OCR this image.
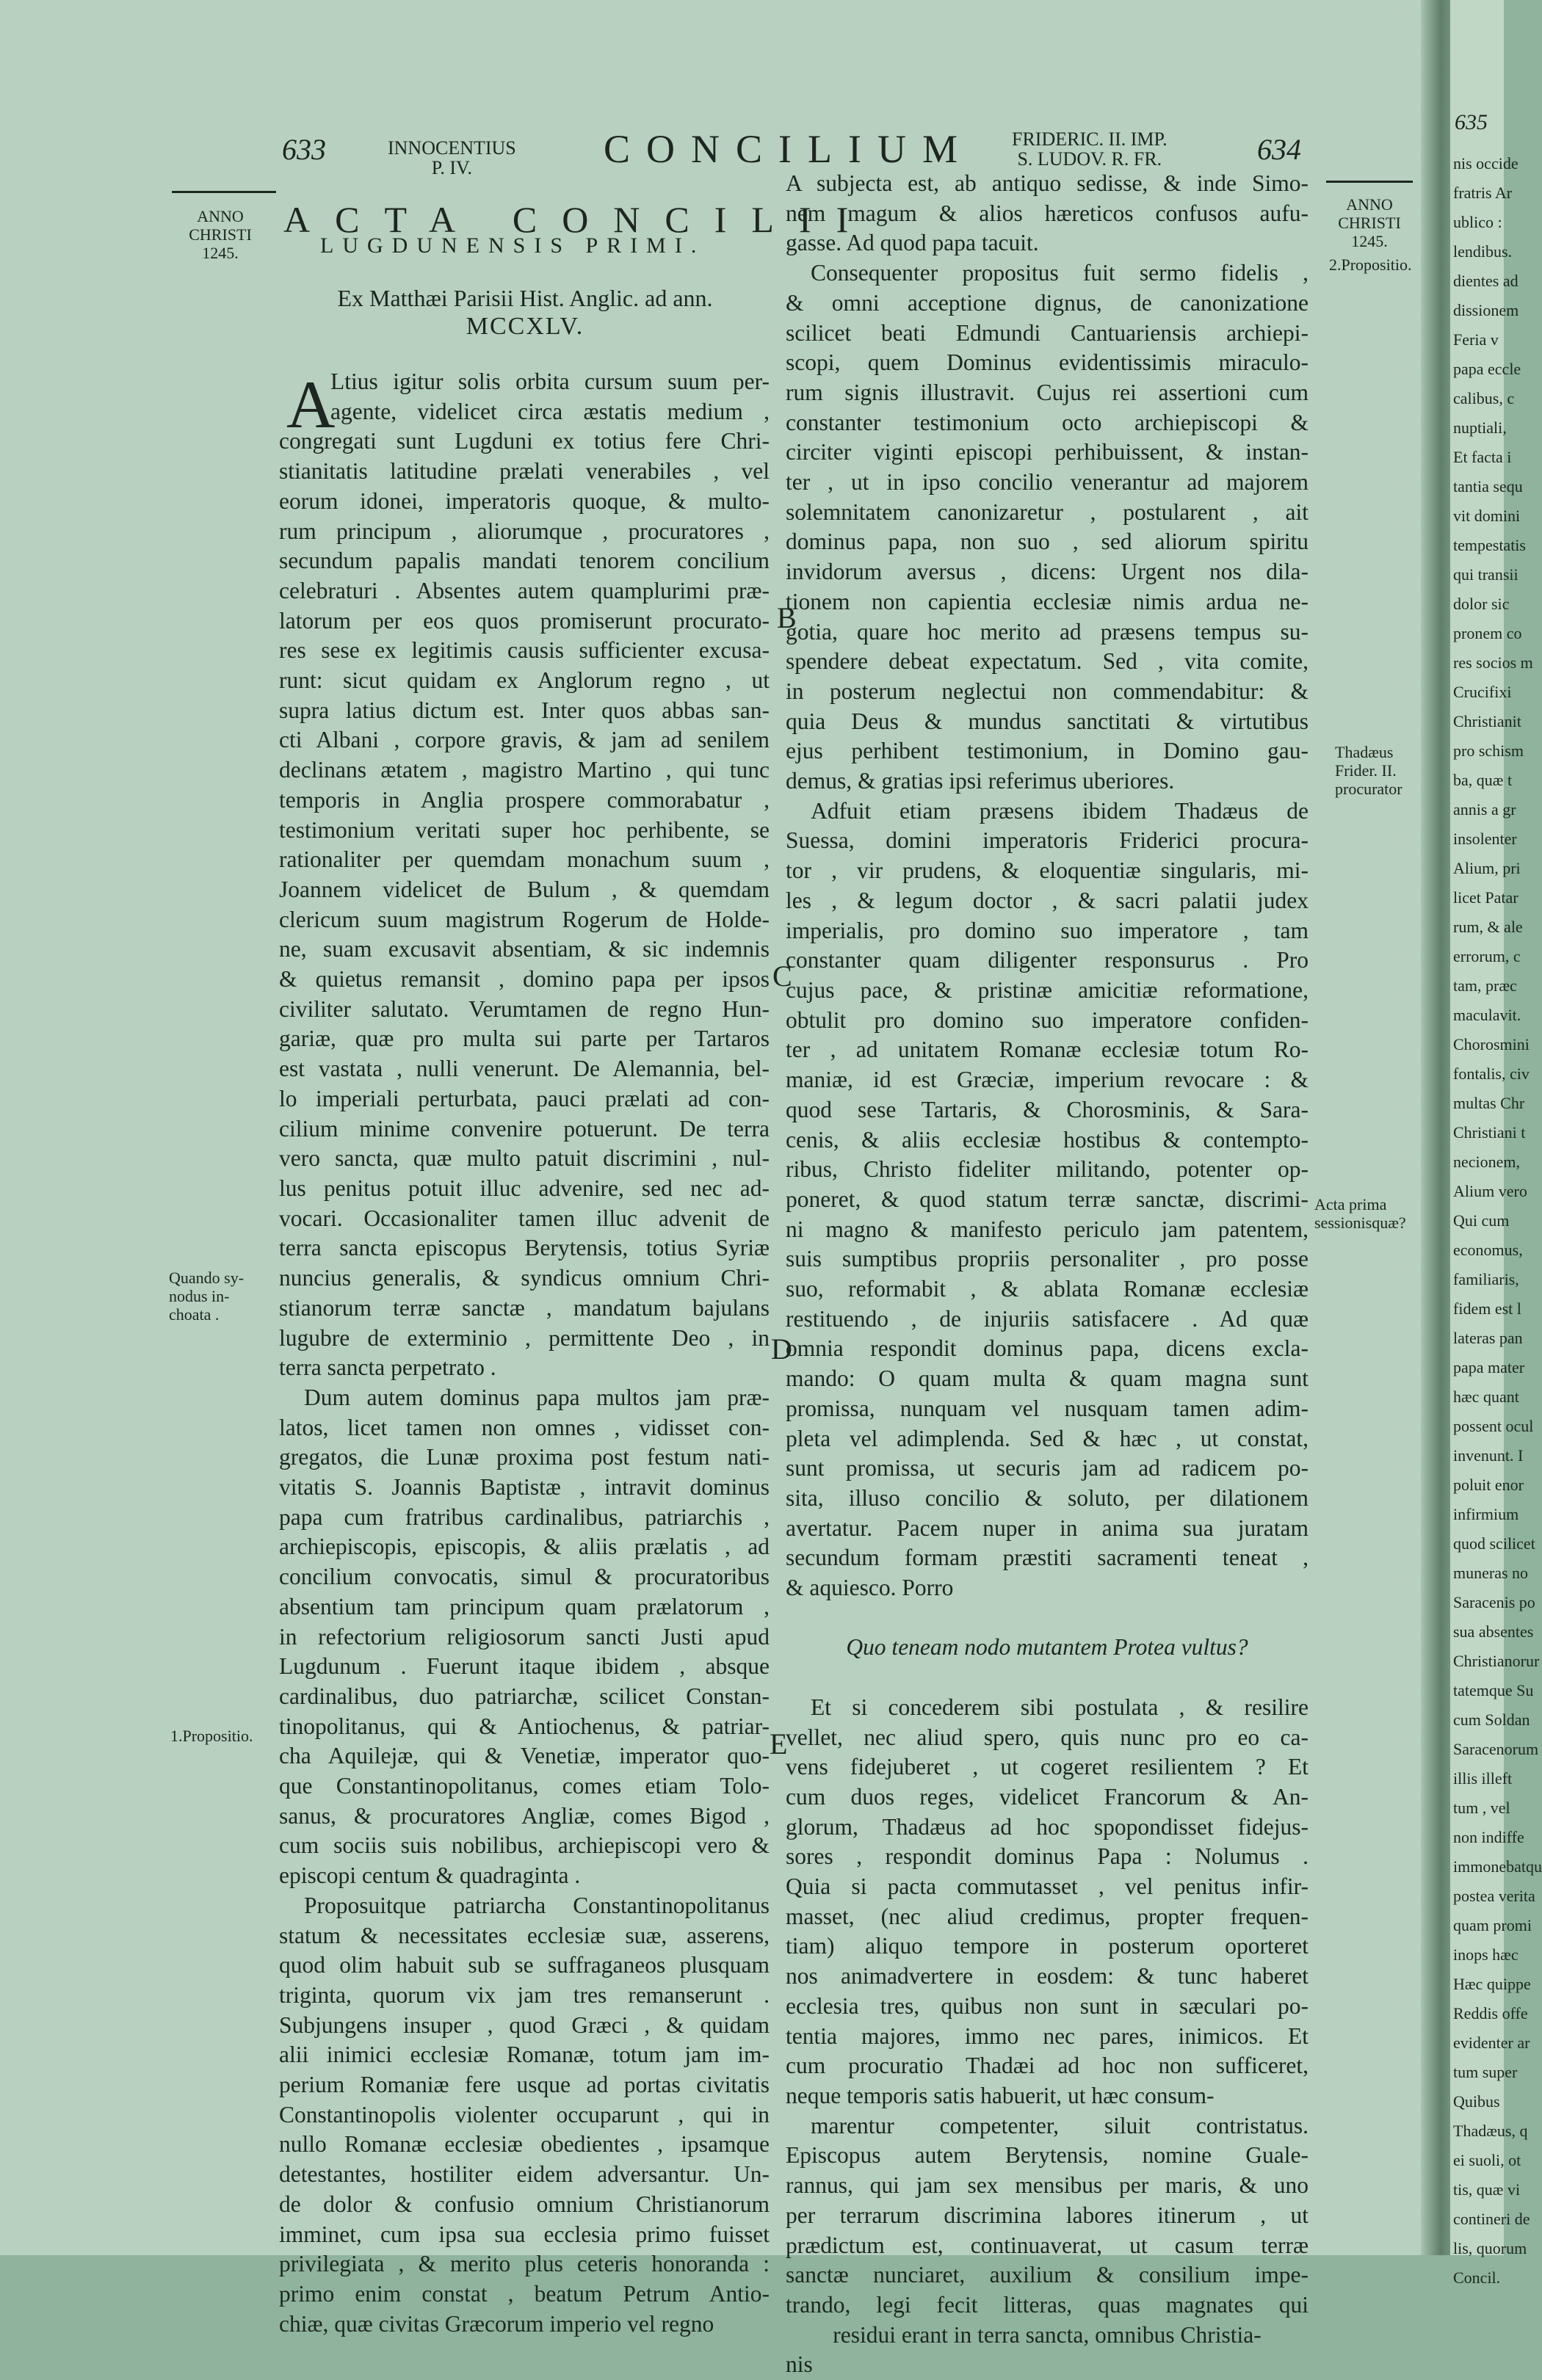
635
nis occide
fratris Ar
ublico :
lendibus.
dientes ad
dissionem
Feria v
papa eccle
calibus, c
nuptiali,
Et facta i
tantia sequ
vit domini
tempestatis
qui transii
dolor sic
pronem co
res socios m
Crucifixi
Christianit
pro schism
ba, quæ t
annis a gr
insolenter
Alium, pri
licet Patar
rum, & ale
errorum, c
tam, præc
maculavit.
Chorosmini
fontalis, civ
multas Chr
Christiani t
necionem,
Alium vero
Qui cum
economus,
familiaris,
fidem est l
lateras pan
papa mater
hæc quant
possent ocul
invenunt. I
poluit enor
infirmium
quod scilicet
muneras no
Saracenis po
sua absentes
Christianorur
tatemque Su
cum Soldan
Saracenorum
illis illeft
tum , vel
non indiffe
immonebatqu
postea verita
quam promi
inops hæc
Hæc quippe
Reddis offe
evidenter ar
tum super
Quibus
Thadæus, q
ei suoli, ot
tis, quæ vi
contineri de
lis, quorum
Concil.
633	INNOCENTIUS
P. IV.	CONCILIUM FRIDERIC. II. IMP.
S. LUDOV. R. FR.	634
ANNO
CHRISTI
1245.
ANNO
CHRISTI
1245.
ACTA CONCILII
LUGDUNENSIS PRIMI.
Ex Matthæi Parisii Hist. Anglic. ad ann.
MCCXLV.
A
Ltius igitur solis orbita cursum suum per-
agente, videlicet circa æstatis medium ,
congregati sunt Lugduni ex totius fere Chri-
stianitatis latitudine prælati venerabiles , vel
eorum idonei, imperatoris quoque, & multo-
rum principum , aliorumque , procuratores ,
secundum papalis mandati tenorem concilium
celebraturi . Absentes autem quamplurimi præ-
latorum per eos quos promiserunt procurato-
res sese ex legitimis causis sufficienter excusa-
runt: sicut quidam ex Anglorum regno , ut
supra latius dictum est. Inter quos abbas san-
cti Albani , corpore gravis, & jam ad senilem
declinans ætatem , magistro Martino , qui tunc
temporis in Anglia prospere commorabatur ,
testimonium veritati super hoc perhibente, se
rationaliter per quemdam monachum suum ,
Joannem videlicet de Bulum , & quemdam
clericum suum magistrum Rogerum de Holde-
ne, suam excusavit absentiam, & sic indemnis
& quietus remansit , domino papa per ipsos
civiliter salutato. Verumtamen de regno Hun-
gariæ, quæ pro multa sui parte per Tartaros
est vastata , nulli venerunt. De Alemannia, bel-
lo imperiali perturbata, pauci prælati ad con-
cilium minime convenire potuerunt. De terra
vero sancta, quæ multo patuit discrimini , nul-
lus penitus potuit illuc advenire, sed nec ad-
vocari. Occasionaliter tamen illuc advenit de
terra sancta episcopus Berytensis, totius Syriæ
nuncius generalis, & syndicus omnium Chri-
stianorum terræ sanctæ , mandatum bajulans
lugubre de exterminio , permittente Deo , in
terra sancta perpetrato .
Dum autem dominus papa multos jam præ-
latos, licet tamen non omnes , vidisset con-
gregatos, die Lunæ proxima post festum nati-
vitatis S. Joannis Baptistæ , intravit dominus
papa cum fratribus cardinalibus, patriarchis ,
archiepiscopis, episcopis, & aliis prælatis , ad
concilium convocatis, simul & procuratoribus
absentium tam principum quam prælatorum ,
in refectorium religiosorum sancti Justi apud
Lugdunum . Fuerunt itaque ibidem , absque
cardinalibus, duo patriarchæ, scilicet Constan-
tinopolitanus, qui & Antiochenus, & patriar-
cha Aquilejæ, qui & Venetiæ, imperator quo-
que Constantinopolitanus, comes etiam Tolo-
sanus, & procuratores Angliæ, comes Bigod ,
cum sociis suis nobilibus, archiepiscopi vero &
episcopi centum & quadraginta .
Proposuitque patriarcha Constantinopolitanus
statum & necessitates ecclesiæ suæ, asserens,
quod olim habuit sub se suffraganeos plusquam
triginta, quorum vix jam tres remanserunt .
Subjungens insuper , quod Græci , & quidam
alii inimici ecclesiæ Romanæ, totum jam im-
perium Romaniæ fere usque ad portas civitatis
Constantinopolis violenter occuparunt , qui in
nullo Romanæ ecclesiæ obedientes , ipsamque
detestantes, hostiliter eidem adversantur. Un-
de dolor & confusio omnium Christianorum
imminet, cum ipsa sua ecclesia primo fuisset
privilegiata , & merito plus ceteris honoranda :
primo enim constat , beatum Petrum Antio-
chiæ, quæ civitas Græcorum imperio vel regno
A subjecta est, ab antiquo sedisse, & inde Simo-
nem magum & alios hæreticos confusos aufu-
gasse. Ad quod papa tacuit.
Consequenter propositus fuit sermo fidelis ,
& omni acceptione dignus, de canonizatione
scilicet beati Edmundi Cantuariensis archiepi-
scopi, quem Dominus evidentissimis miraculo-
rum signis illustravit. Cujus rei assertioni cum
constanter testimonium octo archiepiscopi &
circiter viginti episcopi perhibuissent, & instan-
ter , ut in ipso concilio venerantur ad majorem
solemnitatem canonizaretur , postularent , ait
dominus papa, non suo , sed aliorum spiritu
invidorum aversus , dicens: Urgent nos dila-
tionem non capientia ecclesiæ nimis ardua ne-
gotia, quare hoc merito ad præsens tempus su-
spendere debeat expectatum. Sed , vita comite,
in posterum neglectui non commendabitur: &
quia Deus & mundus sanctitati & virtutibus
ejus perhibent testimonium, in Domino gau-
demus, & gratias ipsi referimus uberiores.
Adfuit etiam præsens ibidem Thadæus de
Suessa, domini imperatoris Friderici procura-
tor , vir prudens, & eloquentiæ singularis, mi-
les , & legum doctor , & sacri palatii judex
imperialis, pro domino suo imperatore , tam
constanter quam diligenter responsurus . Pro
cujus pace, & pristinæ amicitiæ reformatione,
obtulit pro domino suo imperatore confiden-
ter , ad unitatem Romanæ ecclesiæ totum Ro-
maniæ, id est Græciæ, imperium revocare : &
quod sese Tartaris, & Chorosminis, & Sara-
cenis, & aliis ecclesiæ hostibus & contempto-
ribus, Christo fideliter militando, potenter op-
poneret, & quod statum terræ sanctæ, discrimi-
ni magno & manifesto periculo jam patentem,
suis sumptibus propriis personaliter , pro posse
suo, reformabit , & ablata Romanæ ecclesiæ
restituendo , de injuriis satisfacere . Ad quæ
omnia respondit dominus papa, dicens excla-
mando: O quam multa & quam magna sunt
promissa, nunquam vel nusquam tamen adim-
pleta vel adimplenda. Sed & hæc , ut constat,
sunt promissa, ut securis jam ad radicem po-
sita, illuso concilio & soluto, per dilationem
avertatur. Pacem nuper in anima sua juratam
secundum formam præstiti sacramenti teneat ,
& aquiesco. Porro

Quo teneam nodo mutantem Protea vultus?

Et si concederem sibi postulata , & resilire
vellet, nec aliud spero, quis nunc pro eo ca-
vens fidejuberet , ut cogeret resilientem ? Et
cum duos reges, videlicet Francorum & An-
glorum, Thadæus ad hoc spopondisset fidejus-
sores , respondit dominus Papa : Nolumus .
Quia si pacta commutasset , vel penitus infir-
masset, (nec aliud credimus, propter frequen-
tiam) aliquo tempore in posterum oporteret
nos animadvertere in eosdem: & tunc haberet
ecclesia tres, quibus non sunt in sæculari po-
tentia majores, immo nec pares, inimicos. Et
cum procuratio Thadæi ad hoc non sufficeret,
neque temporis satis habuerit, ut hæc consum-
marentur competenter, siluit contristatus.
Episcopus autem Berytensis, nomine Guale-
rannus, qui jam sex mensibus per maris, & uno
per terrarum discrimina labores itinerum , ut
prædictum est, continuaverat, ut casum terræ
sanctæ nunciaret, auxilium & consilium impe-
trando, legi fecit litteras, quas magnates qui
residui erant in terra sancta, omnibus Christia-
nis
Quando sy-
nodus in-
choata .
1.Propositio.
2.Propositio.
Thadæus
Frider. II.
procurator
Acta prima
sessionisquæ?
B
C
D
E
